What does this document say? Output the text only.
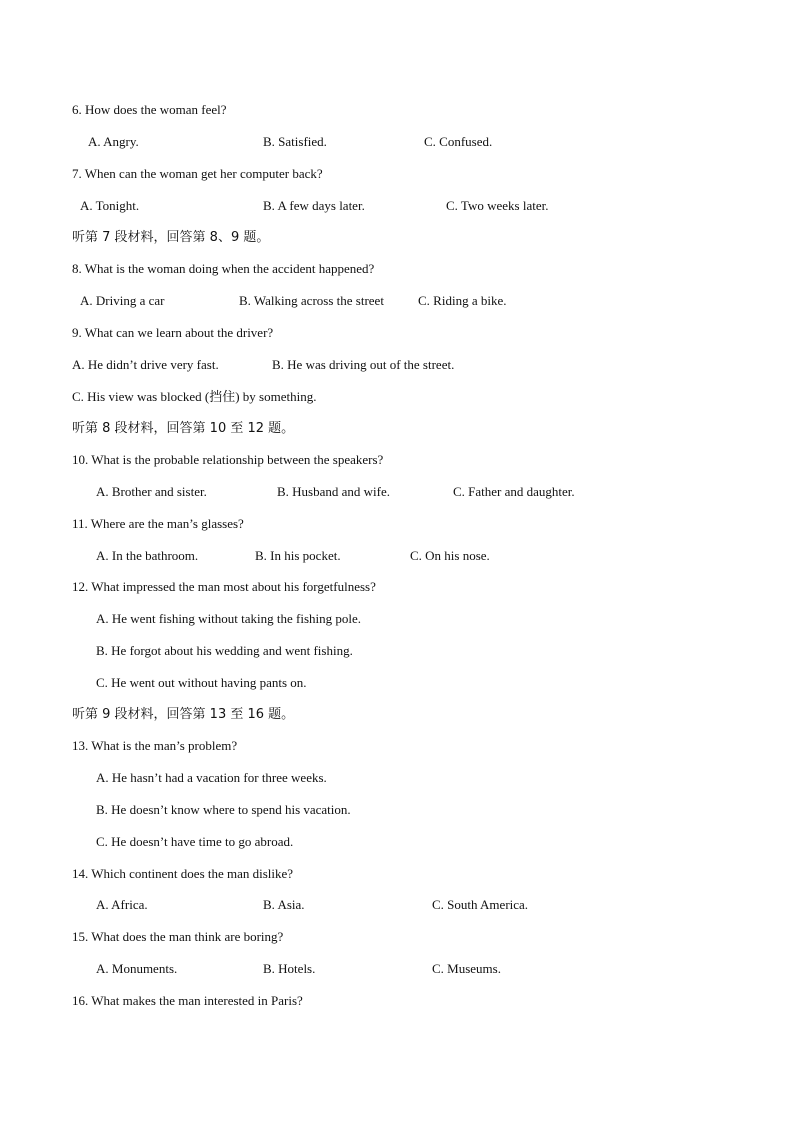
6. How does the woman feel?
A. Angry.	B. Satisfied.	C. Confused.
7. When can the woman get her computer back?
A. Tonight.	B. A few days later.	C. Two weeks later.
听第 7 段材料，回答第 8、9 题。
8. What is the woman doing when the accident happened?
A. Driving a car	B. Walking across the street	C. Riding a bike.
9. What can we learn about the driver?
A. He didn’t drive very fast.	B. He was driving out of the street.
C. His view was blocked (挡住) by something.
听第 8 段材料，回答第 10 至 12 题。
10. What is the probable relationship between the speakers?
A. Brother and sister.	B. Husband and wife.	C. Father and daughter.
11. Where are the man’s glasses?
A. In the bathroom.	B. In his pocket.	C. On his nose.
12. What impressed the man most about his forgetfulness?
A. He went fishing without taking the fishing pole.
B. He forgot about his wedding and went fishing.
C. He went out without having pants on.
听第 9 段材料，回答第 13 至 16 题。
13. What is the man’s problem?
A. He hasn’t had a vacation for three weeks.
B. He doesn’t know where to spend his vacation.
C. He doesn’t have time to go abroad.
14. Which continent does the man dislike?
A. Africa.	B. Asia.	C. South America.
15. What does the man think are boring?
A. Monuments.	B. Hotels.	C. Museums.
16. What makes the man interested in Paris?
